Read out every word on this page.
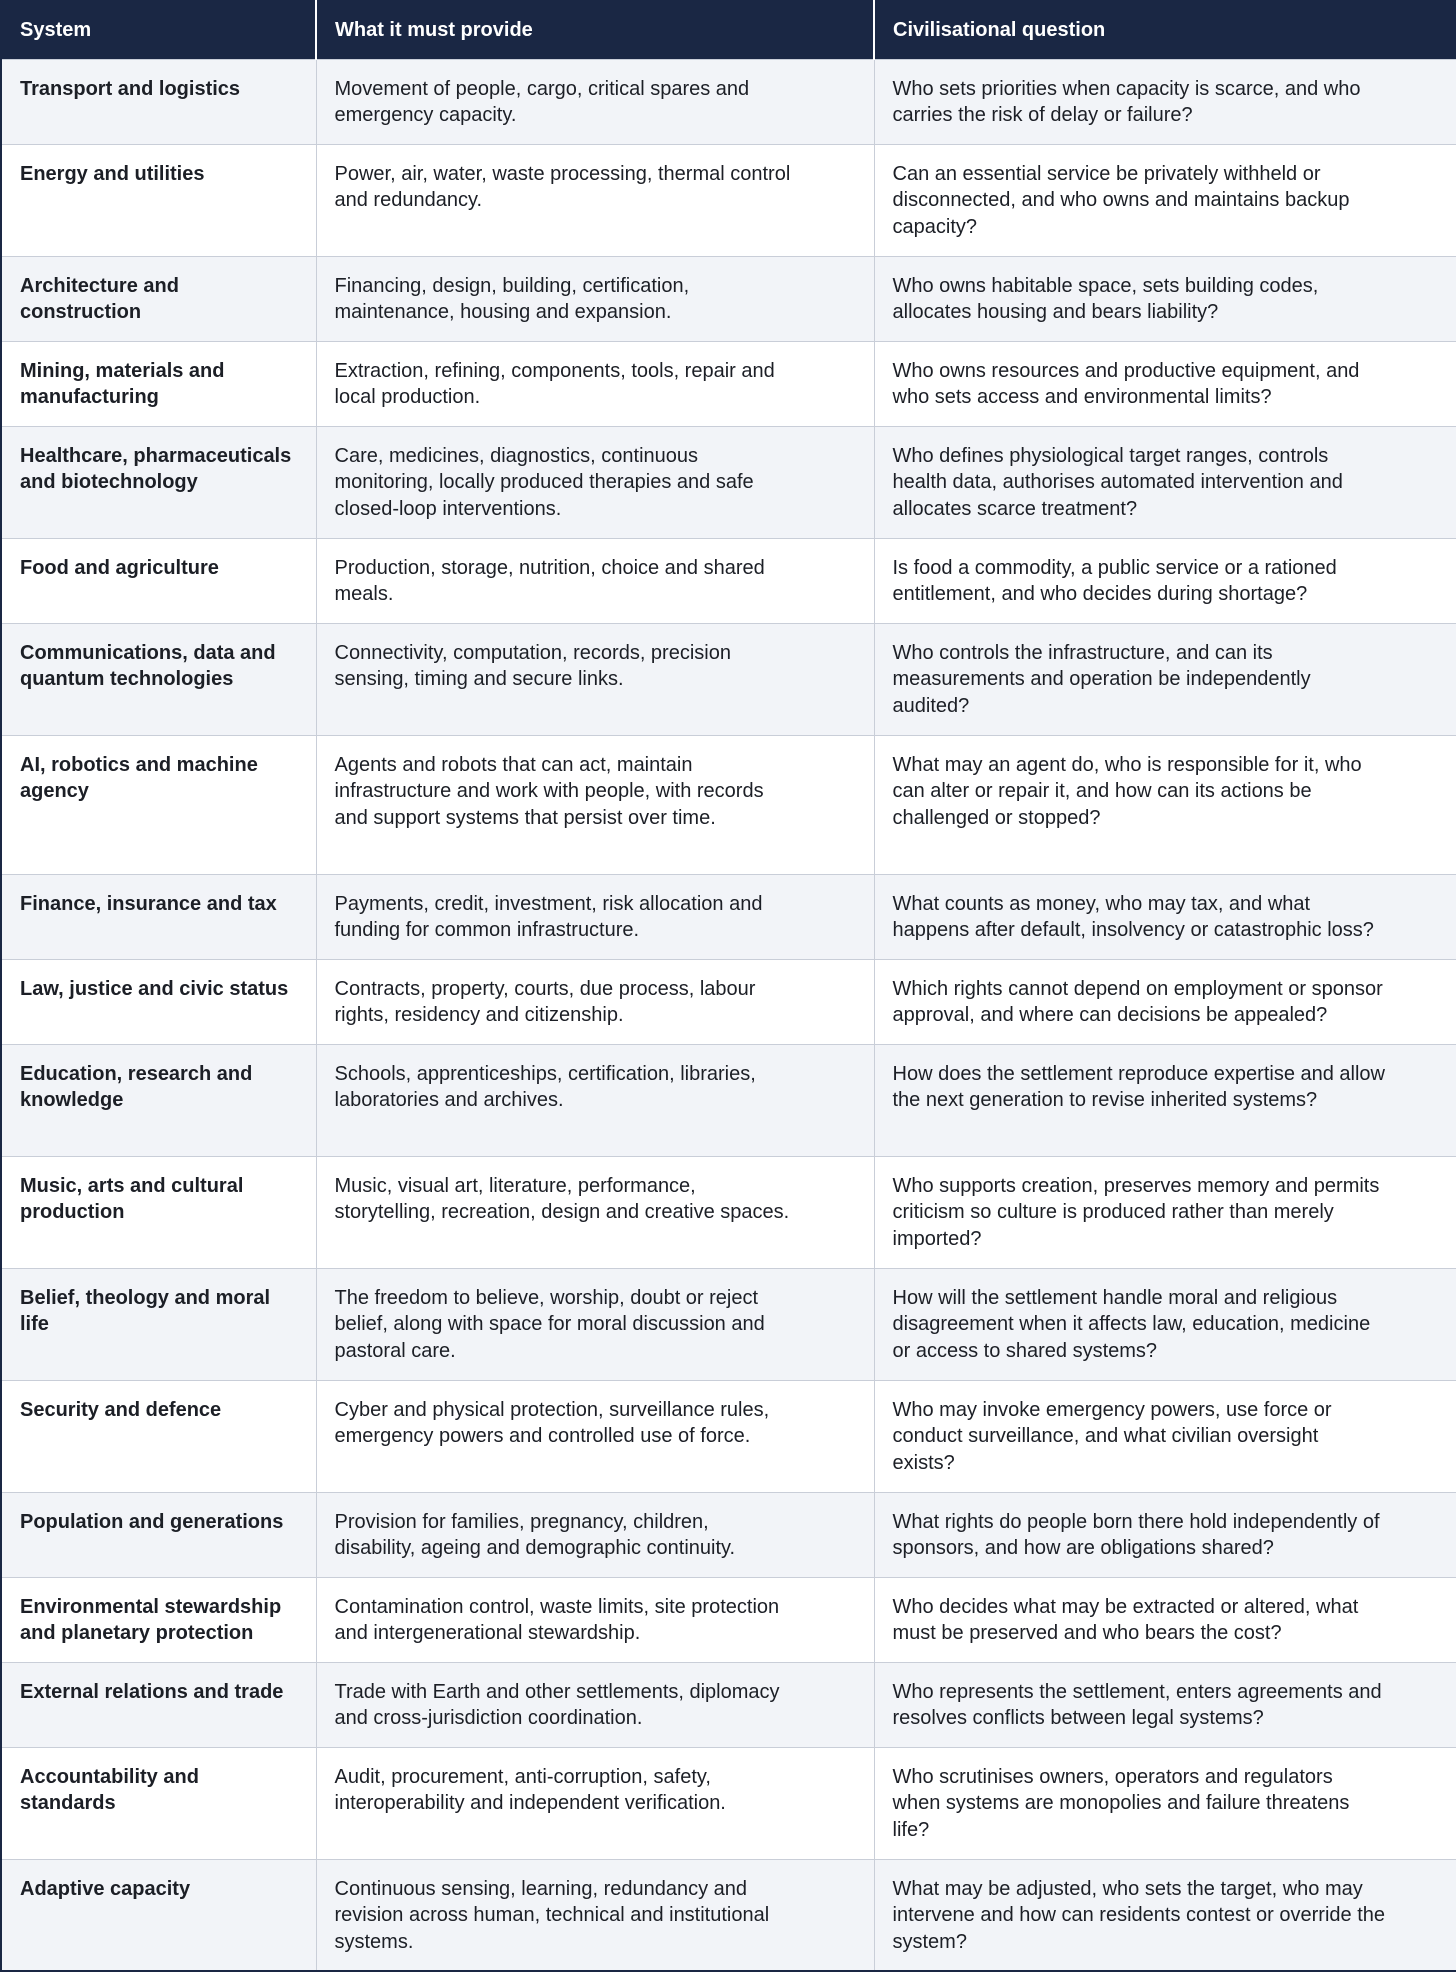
System	What it must provide	Civilisational question
Transport and logistics	Movement of people, cargo, critical spares and emergency capacity.	Who sets priorities when capacity is scarce, and who carries the risk of delay or failure?
Energy and utilities	Power, air, water, waste processing, thermal control and redundancy.	Can an essential service be privately withheld or disconnected, and who owns and maintains backup capacity?
Architecture and construction	Financing, design, building, certification, maintenance, housing and expansion.	Who owns habitable space, sets building codes, allocates housing and bears liability?
Mining, materials and manufacturing	Extraction, refining, components, tools, repair and local production.	Who owns resources and productive equipment, and who sets access and environmental limits?
Healthcare, pharmaceuticals and biotechnology	Care, medicines, diagnostics, continuous monitoring, locally produced therapies and safe closed-loop interventions.	Who defines physiological target ranges, controls health data, authorises automated intervention and allocates scarce treatment?
Food and agriculture	Production, storage, nutrition, choice and shared meals.	Is food a commodity, a public service or a rationed entitlement, and who decides during shortage?
Communications, data and quantum technologies	Connectivity, computation, records, precision sensing, timing and secure links.	Who controls the infrastructure, and can its measurements and operation be independently audited?
AI, robotics and machine agency	Agents and robots that can act, maintain infrastructure and work with people, with records and support systems that persist over time.	What may an agent do, who is responsible for it, who can alter or repair it, and how can its actions be challenged or stopped?
Finance, insurance and tax	Payments, credit, investment, risk allocation and funding for common infrastructure.	What counts as money, who may tax, and what happens after default, insolvency or catastrophic loss?
Law, justice and civic status	Contracts, property, courts, due process, labour rights, residency and citizenship.	Which rights cannot depend on employment or sponsor approval, and where can decisions be appealed?
Education, research and knowledge	Schools, apprenticeships, certification, libraries, laboratories and archives.	How does the settlement reproduce expertise and allow the next generation to revise inherited systems?
Music, arts and cultural production	Music, visual art, literature, performance, storytelling, recreation, design and creative spaces.	Who supports creation, preserves memory and permits criticism so culture is produced rather than merely imported?
Belief, theology and moral life	The freedom to believe, worship, doubt or reject belief, along with space for moral discussion and pastoral care.	How will the settlement handle moral and religious disagreement when it affects law, education, medicine or access to shared systems?
Security and defence	Cyber and physical protection, surveillance rules, emergency powers and controlled use of force.	Who may invoke emergency powers, use force or conduct surveillance, and what civilian oversight exists?
Population and generations	Provision for families, pregnancy, children, disability, ageing and demographic continuity.	What rights do people born there hold independently of sponsors, and how are obligations shared?
Environmental stewardship and planetary protection	Contamination control, waste limits, site protection and intergenerational stewardship.	Who decides what may be extracted or altered, what must be preserved and who bears the cost?
External relations and trade	Trade with Earth and other settlements, diplomacy and cross-jurisdiction coordination.	Who represents the settlement, enters agreements and resolves conflicts between legal systems?
Accountability and standards	Audit, procurement, anti-corruption, safety, interoperability and independent verification.	Who scrutinises owners, operators and regulators when systems are monopolies and failure threatens life?
Adaptive capacity	Continuous sensing, learning, redundancy and revision across human, technical and institutional systems.	What may be adjusted, who sets the target, who may intervene and how can residents contest or override the system?
